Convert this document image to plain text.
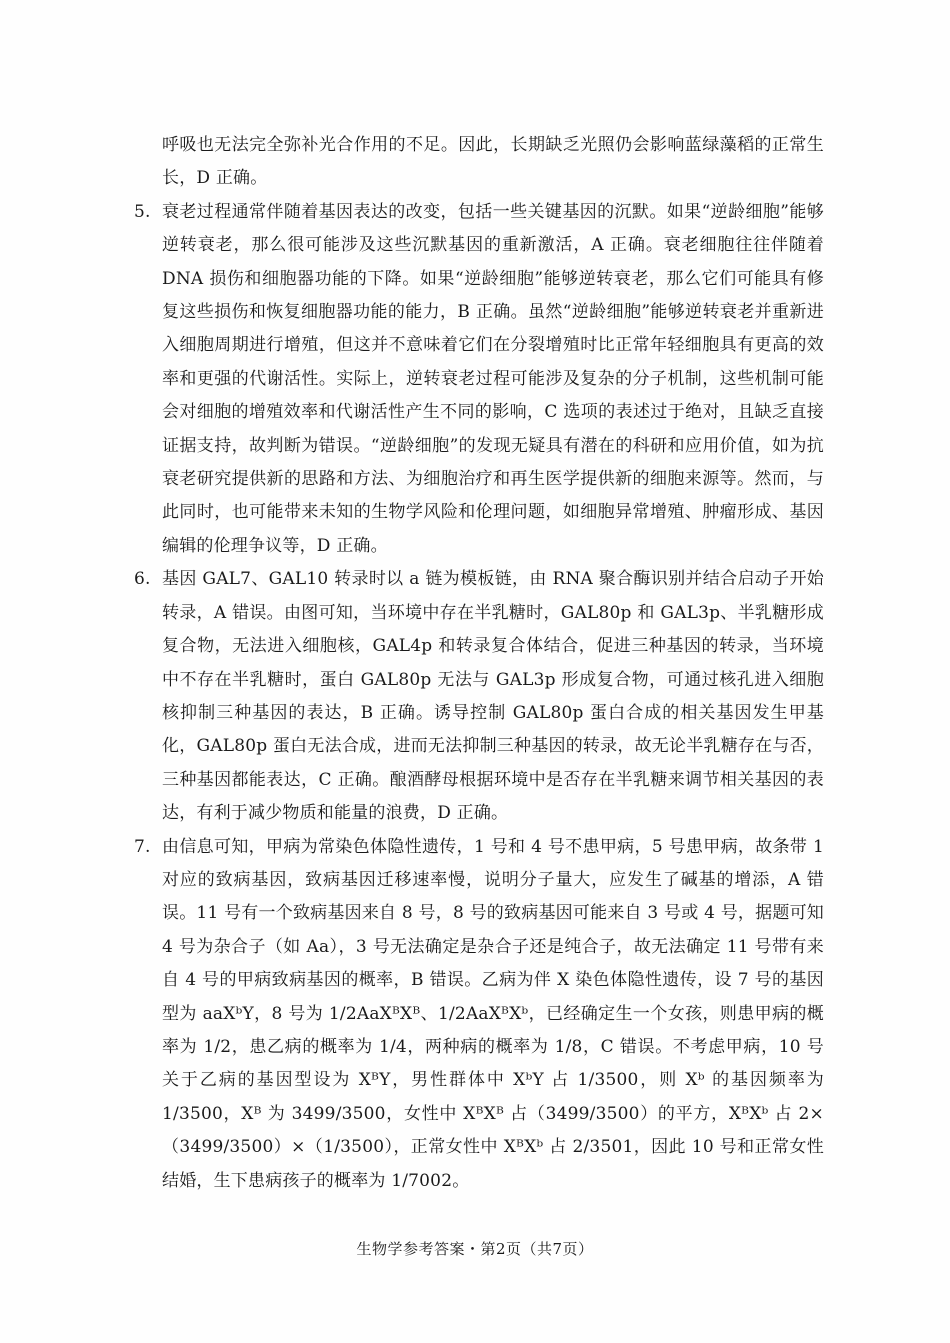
呼吸也无法完全弥补光合作用的不足。因此，长期缺乏光照仍会影响蓝绿藻稻的正常生长，D 正确。

5. 衰老过程通常伴随着基因表达的改变，包括一些关键基因的沉默。如果“逆龄细胞”能够逆转衰老，那么很可能涉及这些沉默基因的重新激活，A 正确。衰老细胞往往伴随着 DNA 损伤和细胞器功能的下降。如果“逆龄细胞”能够逆转衰老，那么它们可能具有修复这些损伤和恢复细胞器功能的能力，B 正确。虽然“逆龄细胞”能够逆转衰老并重新进入细胞周期进行增殖，但这并不意味着它们在分裂增殖时比正常年轻细胞具有更高的效率和更强的代谢活性。实际上，逆转衰老过程可能涉及复杂的分子机制，这些机制可能会对细胞的增殖效率和代谢活性产生不同的影响，C 选项的表述过于绝对，且缺乏直接证据支持，故判断为错误。“逆龄细胞”的发现无疑具有潜在的科研和应用价值，如为抗衰老研究提供新的思路和方法、为细胞治疗和再生医学提供新的细胞来源等。然而，与此同时，也可能带来未知的生物学风险和伦理问题，如细胞异常增殖、肿瘤形成、基因编辑的伦理争议等，D 正确。
6. 基因 GAL7、GAL10 转录时以 a 链为模板链，由 RNA 聚合酶识别并结合启动子开始转录，A 错误。由图可知，当环境中存在半乳糖时，GAL80p 和 GAL3p、半乳糖形成复合物，无法进入细胞核，GAL4p 和转录复合体结合，促进三种基因的转录，当环境中不存在半乳糖时，蛋白 GAL80p 无法与 GAL3p 形成复合物，可通过核孔进入细胞核抑制三种基因的表达，B 正确。诱导控制 GAL80p 蛋白合成的相关基因发生甲基化，GAL80p 蛋白无法合成，进而无法抑制三种基因的转录，故无论半乳糖存在与否，三种基因都能表达，C 正确。酿酒酵母根据环境中是否存在半乳糖来调节相关基因的表达，有利于减少物质和能量的浪费，D 正确。
7. 由信息可知，甲病为常染色体隐性遗传，1 号和 4 号不患甲病，5 号患甲病，故条带 1 对应的致病基因，致病基因迁移速率慢，说明分子量大，应发生了碱基的增添，A 错误。11 号有一个致病基因来自 8 号，8 号的致病基因可能来自 3 号或 4 号，据题可知 4 号为杂合子（如 Aa），3 号无法确定是杂合子还是纯合子，故无法确定 11 号带有来自 4 号的甲病致病基因的概率，B 错误。乙病为伴 X 染色体隐性遗传，设 7 号的基因型为 aaXᵇY，8 号为 1/2AaXᴮXᴮ、1/2AaXᴮXᵇ，已经确定生一个女孩，则患甲病的概率为 1/2，患乙病的概率为 1/4，两种病的概率为 1/8，C 错误。不考虑甲病，10 号关于乙病的基因型设为 XᴮY，男性群体中 XᵇY 占 1/3500，则 Xᵇ 的基因频率为 1/3500，Xᴮ 为 3499/3500，女性中 XᴮXᴮ 占（3499/3500）的平方，XᴮXᵇ 占 2×（3499/3500）×（1/3500），正常女性中 XᴮXᵇ 占 2/3501，因此 10 号和正常女性结婚，生下患病孩子的概率为 1/7002。
生物学参考答案・第2页（共7页）
